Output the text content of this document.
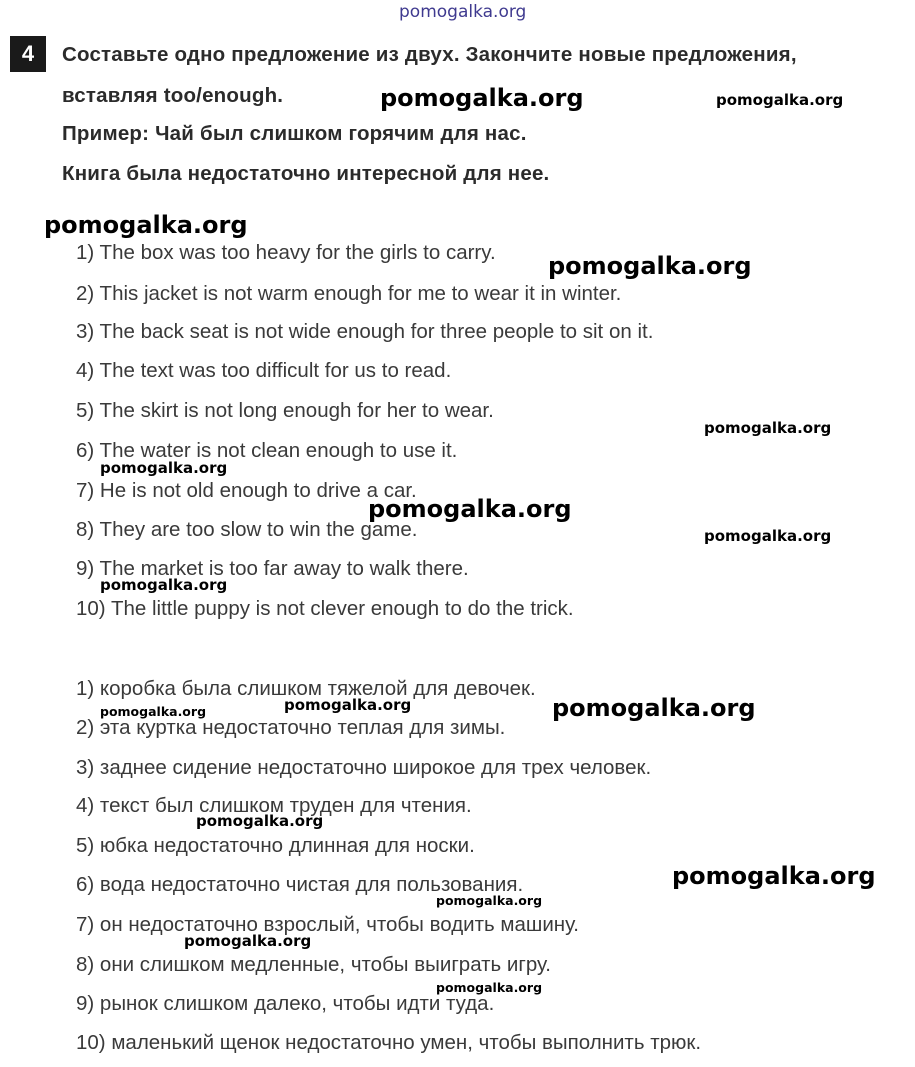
pomogalka.org
4	Составьте одно предложение из двух. Закончите новые предложения,
вставляя too/enough.
Пример: Чай был слишком горячим для нас.
Книга была недостаточно интересной для нее.
1) The box was too heavy for the girls to carry.
2) This jacket is not warm enough for me to wear it in winter.
3) The back seat is not wide enough for three people to sit on it.
4) The text was too difficult for us to read.
5) The skirt is not long enough for her to wear.
6) The water is not clean enough to use it.
7) He is not old enough to drive a car.
8) They are too slow to win the game.
9) The market is too far away to walk there.
10) The little puppy is not clever enough to do the trick.
1) коробка была слишком тяжелой для девочек.
2) эта куртка недостаточно теплая для зимы.
3) заднее сидение недостаточно широкое для трех человек.
4) текст был слишком труден для чтения.
5) юбка недостаточно длинная для носки.
6) вода недостаточно чистая для пользования.
7) он недостаточно взрослый, чтобы водить машину.
8) они слишком медленные, чтобы выиграть игру.
9) рынок слишком далеко, чтобы идти туда.
10) маленький щенок недостаточно умен, чтобы выполнить трюк.
pomogalka.org	pomogalka.org
pomogalka.org
pomogalka.org
pomogalka.org
pomogalka.org
pomogalka.org
pomogalka.org
pomogalka.org
pomogalka.org	pomogalka.org	pomogalka.org
pomogalka.org
pomogalka.org
pomogalka.org
pomogalka.org
pomogalka.org
